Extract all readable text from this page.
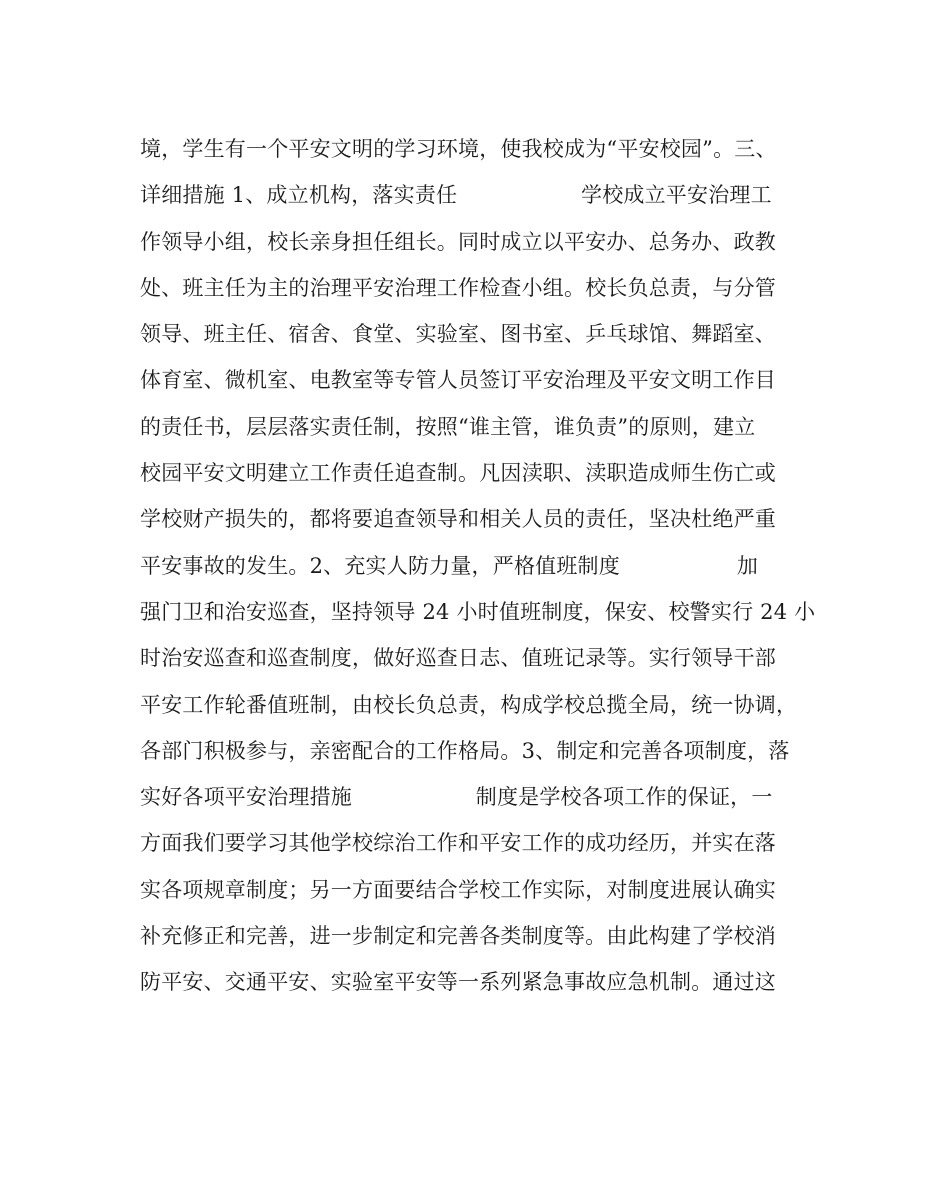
境，学生有一个平安文明的学习环境，使我校成为“平安校园”。三、
详细措施 1、成立机构，落实责任                  学校成立平安治理工
作领导小组，校长亲身担任组长。同时成立以平安办、总务办、政教
处、班主任为主的治理平安治理工作检查小组。校长负总责，与分管
领导、班主任、宿舍、食堂、实验室、图书室、乒乓球馆、舞蹈室、
体育室、微机室、电教室等专管人员签订平安治理及平安文明工作目
的责任书，层层落实责任制，按照“谁主管，谁负责”的原则，建立
校园平安文明建立工作责任追查制。凡因渎职、渎职造成师生伤亡或
学校财产损失的，都将要追查领导和相关人员的责任，坚决杜绝严重
平安事故的发生。2、充实人防力量，严格值班制度                 加
强门卫和治安巡查，坚持领导 24 小时值班制度，保安、校警实行 24 小
时治安巡查和巡查制度，做好巡查日志、值班记录等。实行领导干部
平安工作轮番值班制，由校长负总责，构成学校总揽全局，统一协调，
各部门积极参与，亲密配合的工作格局。3、制定和完善各项制度，落
实好各项平安治理措施                  制度是学校各项工作的保证，一
方面我们要学习其他学校综治工作和平安工作的成功经历，并实在落
实各项规章制度；另一方面要结合学校工作实际，对制度进展认确实
补充修正和完善，进一步制定和完善各类制度等。由此构建了学校消
防平安、交通平安、实验室平安等一系列紧急事故应急机制。通过这
